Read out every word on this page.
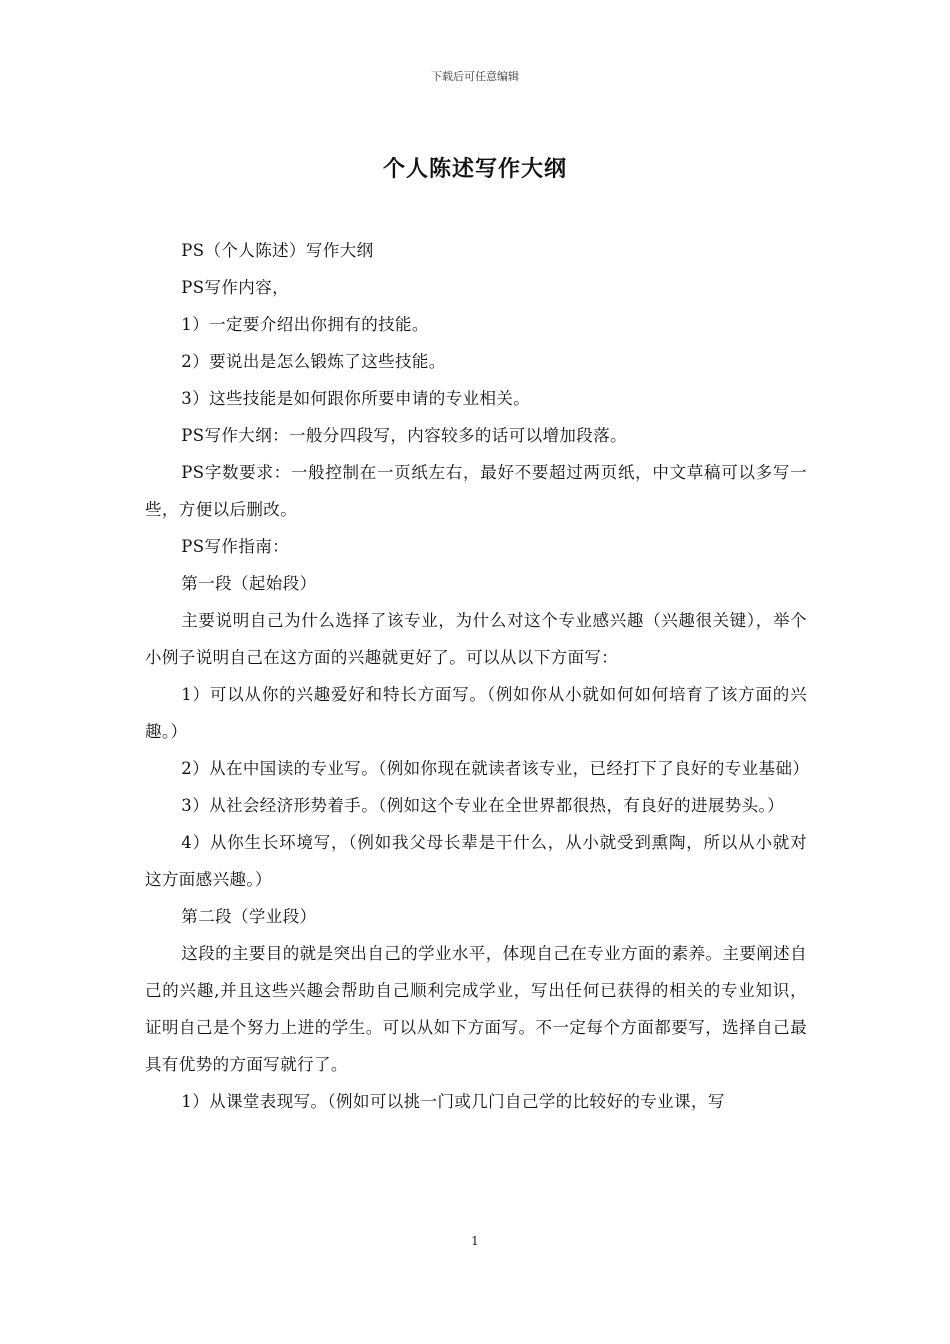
下载后可任意编辑
个人陈述写作大纲

PS（个人陈述）写作大纲

PS写作内容，

1）一定要介绍出你拥有的技能。

2）要说出是怎么锻炼了这些技能。

3）这些技能是如何跟你所要申请的专业相关。

PS写作大纲：一般分四段写，内容较多的话可以增加段落。

PS字数要求：一般控制在一页纸左右，最好不要超过两页纸，中文草稿可以多写一些，方便以后删改。

PS写作指南：

第一段（起始段）

主要说明自己为什么选择了该专业，为什么对这个专业感兴趣（兴趣很关键），举个小例子说明自己在这方面的兴趣就更好了。可以从以下方面写：

1）可以从你的兴趣爱好和特长方面写。（例如你从小就如何如何培育了该方面的兴趣。）

2）从在中国读的专业写。（例如你现在就读者该专业，已经打下了良好的专业基础）

3）从社会经济形势着手。（例如这个专业在全世界都很热，有良好的进展势头。）

4）从你生长环境写，（例如我父母长辈是干什么，从小就受到熏陶，所以从小就对这方面感兴趣。）

第二段（学业段）

这段的主要目的就是突出自己的学业水平，体现自己在专业方面的素养。主要阐述自己的兴趣,并且这些兴趣会帮助自己顺利完成学业，写出任何已获得的相关的专业知识，证明自己是个努力上进的学生。可以从如下方面写。不一定每个方面都要写，选择自己最具有优势的方面写就行了。

1）从课堂表现写。（例如可以挑一门或几门自己学的比较好的专业课，写

1
